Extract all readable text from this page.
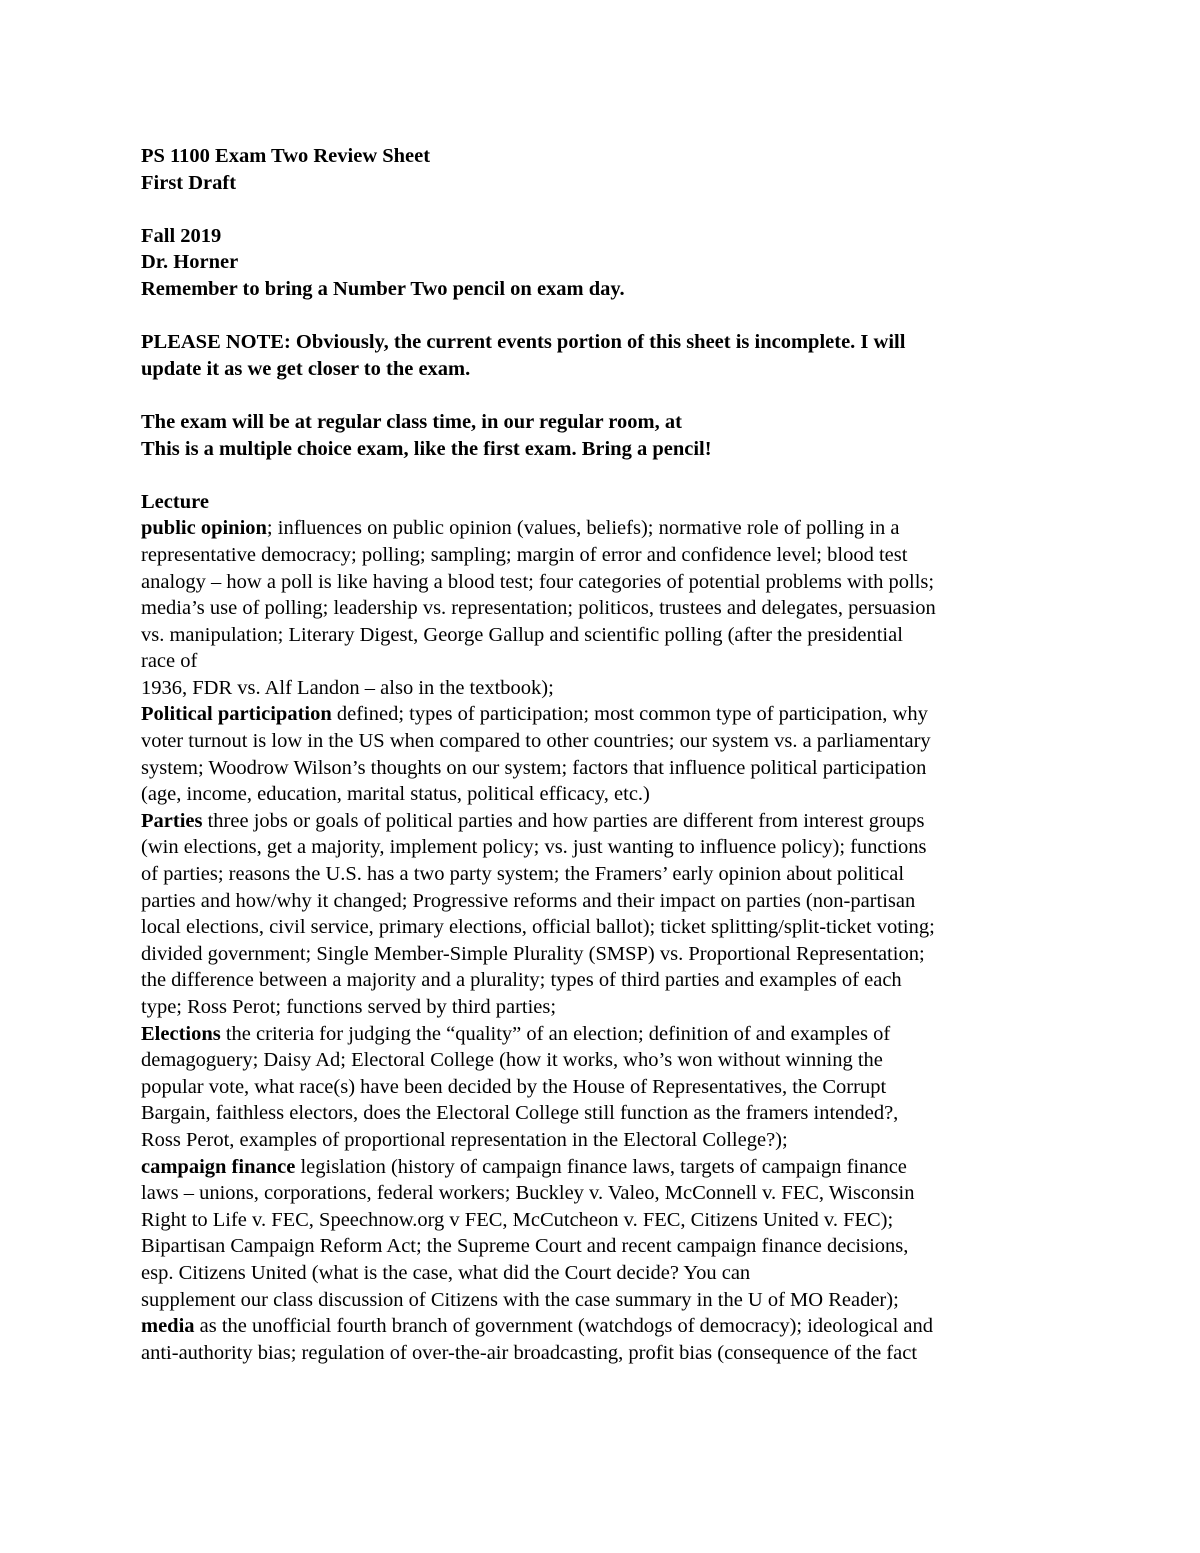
PS 1100 Exam Two Review Sheet
First Draft
Fall 2019
Dr. Horner
Remember to bring a Number Two pencil on exam day.
PLEASE NOTE: Obviously, the current events portion of this sheet is incomplete. I will
update it as we get closer to the exam.
The exam will be at regular class time, in our regular room, at
This is a multiple choice exam, like the first exam. Bring a pencil!
Lecture
public opinion; influences on public opinion (values, beliefs); normative role of polling in a
representative democracy; polling; sampling; margin of error and confidence level; blood test
analogy – how a poll is like having a blood test; four categories of potential problems with polls;
media’s use of polling; leadership vs. representation; politicos, trustees and delegates, persuasion
vs. manipulation; Literary Digest, George Gallup and scientific polling (after the presidential
race of
1936, FDR vs. Alf Landon – also in the textbook);
Political participation defined; types of participation; most common type of participation, why
voter turnout is low in the US when compared to other countries; our system vs. a parliamentary
system; Woodrow Wilson’s thoughts on our system; factors that influence political participation
(age, income, education, marital status, political efficacy, etc.)
Parties three jobs or goals of political parties and how parties are different from interest groups
(win elections, get a majority, implement policy; vs. just wanting to influence policy); functions
of parties; reasons the U.S. has a two party system; the Framers’ early opinion about political
parties and how/why it changed; Progressive reforms and their impact on parties (non-partisan
local elections, civil service, primary elections, official ballot); ticket splitting/split-ticket voting;
divided government; Single Member-Simple Plurality (SMSP) vs. Proportional Representation;
the difference between a majority and a plurality; types of third parties and examples of each
type; Ross Perot; functions served by third parties;
Elections the criteria for judging the “quality” of an election; definition of and examples of
demagoguery; Daisy Ad; Electoral College (how it works, who’s won without winning the
popular vote, what race(s) have been decided by the House of Representatives, the Corrupt
Bargain, faithless electors, does the Electoral College still function as the framers intended?,
Ross Perot, examples of proportional representation in the Electoral College?);
campaign finance legislation (history of campaign finance laws, targets of campaign finance
laws – unions, corporations, federal workers; Buckley v. Valeo, McConnell v. FEC, Wisconsin
Right to Life v. FEC, Speechnow.org v FEC, McCutcheon v. FEC, Citizens United v. FEC);
Bipartisan Campaign Reform Act; the Supreme Court and recent campaign finance decisions,
esp. Citizens United (what is the case, what did the Court decide? You can
supplement our class discussion of Citizens with the case summary in the U of MO Reader);
media as the unofficial fourth branch of government (watchdogs of democracy); ideological and
anti-authority bias; regulation of over-the-air broadcasting, profit bias (consequence of the fact
